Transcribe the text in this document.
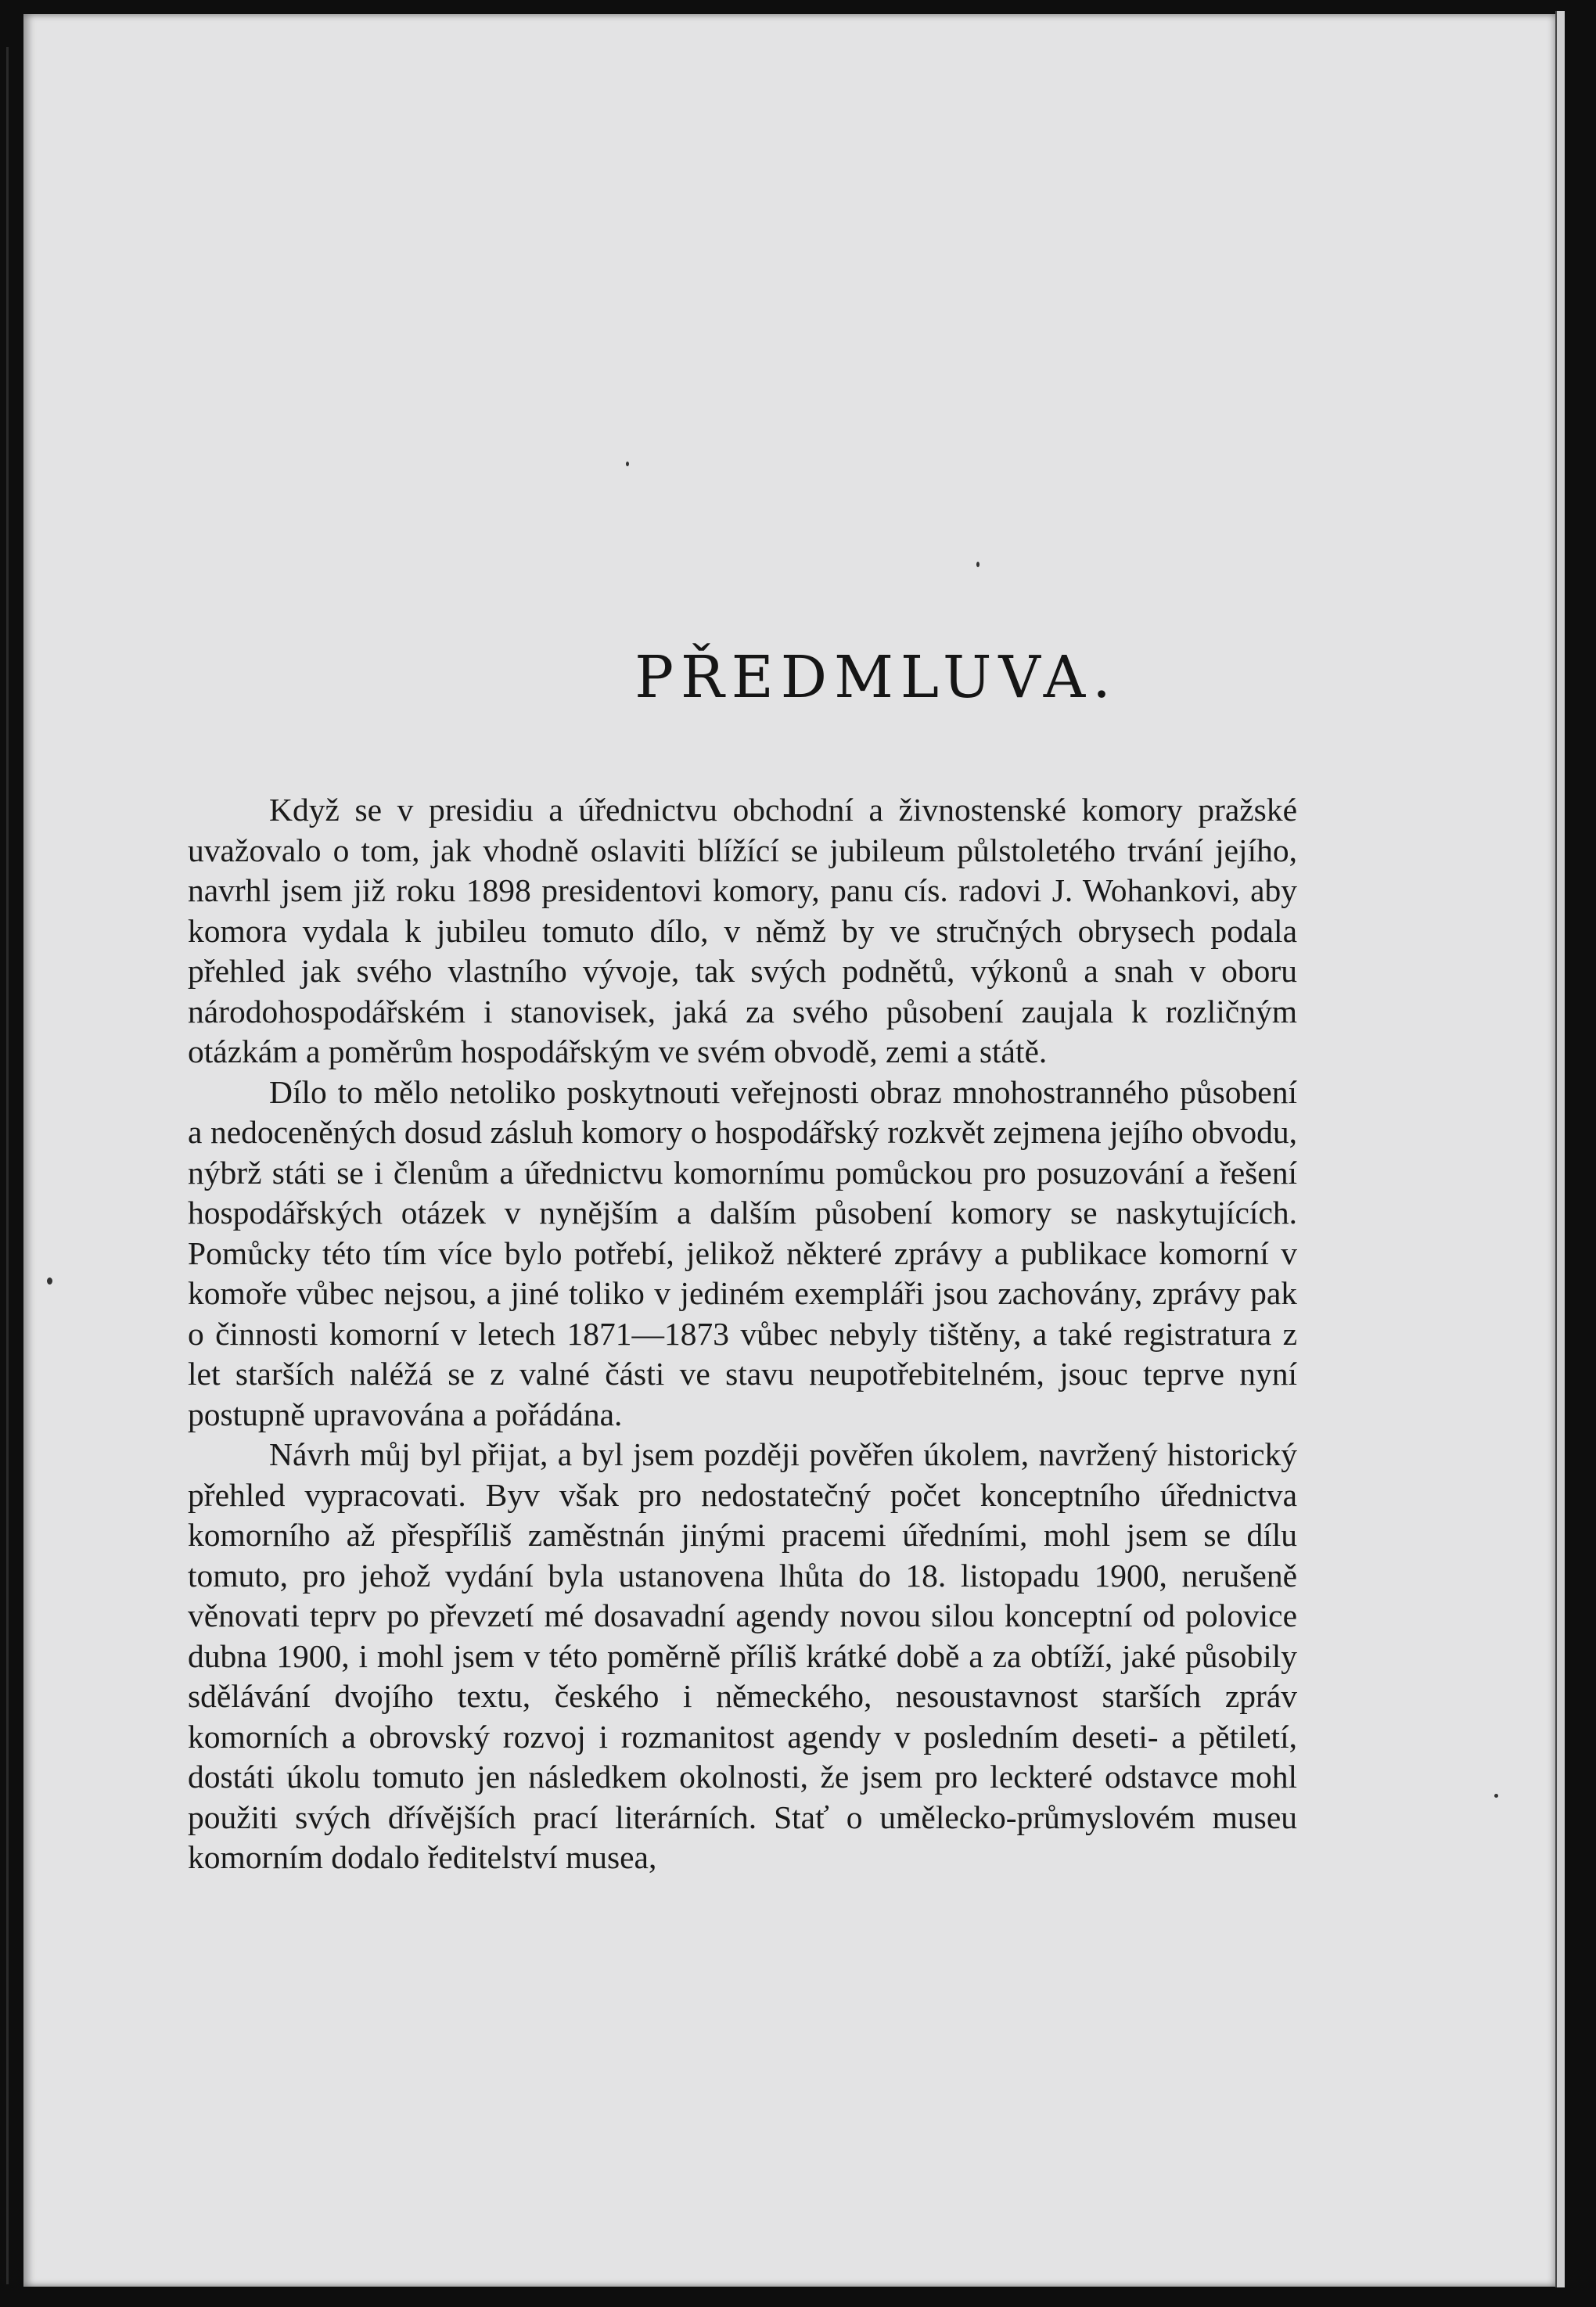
PŘEDMLUVA.

Když se v presidiu a úřednictvu obchodní a živnostenské komory pražské uvažovalo o tom, jak vhodně oslaviti blížící se jubileum půlstoletého trvání jejího, navrhl jsem již roku 1898 presidentovi komory, panu cís. radovi J. Wohankovi, aby komora vydala k jubileu tomuto dílo, v němž by ve stručných obrysech podala přehled jak svého vlastního vývoje, tak svých podnětů, výkonů a snah v oboru národohospodářském i stanovisek, jaká za svého působení zaujala k rozličným otázkám a poměrům hospodářským ve svém obvodě, zemi a státě.

Dílo to mělo netoliko poskytnouti veřejnosti obraz mnohostranného působení a nedoceněných dosud zásluh komory o hospodářský rozkvět zejmena jejího obvodu, nýbrž státi se i členům a úřednictvu komornímu pomůckou pro posuzování a řešení hospodářských otázek v nynějším a dalším působení komory se naskytujících. Pomůcky této tím více bylo potřebí, jelikož některé zprávy a publikace komorní v komoře vůbec nejsou, a jiné toliko v jediném exempláři jsou zachovány, zprávy pak o činnosti komorní v letech 1871—1873 vůbec nebyly tištěny, a také registratura z let starších naléžá se z valné části ve stavu neupotřebitelném, jsouc teprve nyní postupně upravována a pořádána.

Návrh můj byl přijat, a byl jsem později pověřen úkolem, navržený historický přehled vypracovati. Byv však pro nedostatečný počet konceptního úřednictva komorního až přespříliš zaměstnán jinými pracemi úředními, mohl jsem se dílu tomuto, pro jehož vydání byla ustanovena lhůta do 18. listopadu 1900, nerušeně věnovati teprv po převzetí mé dosavadní agendy novou silou konceptní od polovice dubna 1900, i mohl jsem v této poměrně příliš krátké době a za obtíží, jaké působily sdělávání dvojího textu, českého i německého, nesoustavnost starších zpráv komorních a obrovský rozvoj i rozmanitost agendy v posledním deseti- a pětiletí, dostáti úkolu tomuto jen následkem okolnosti, že jsem pro leckteré odstavce mohl použiti svých dřívějších prací literárních. Stať o umělecko-průmyslovém museu komorním dodalo ředitelství musea,
